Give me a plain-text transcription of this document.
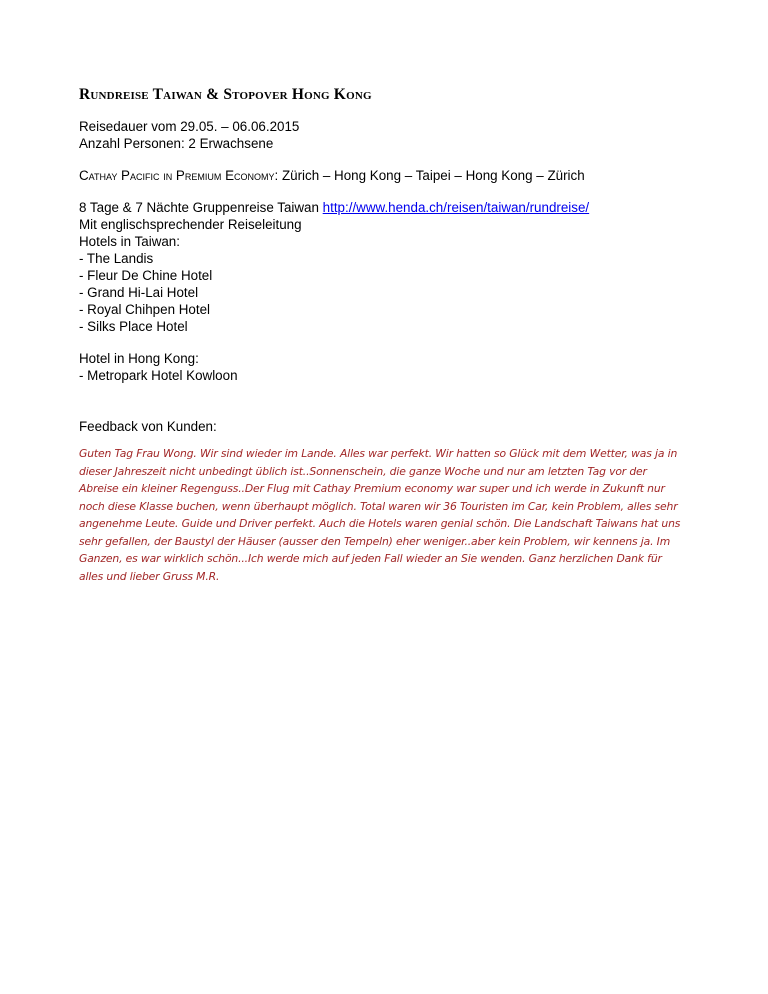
Rundreise Taiwan & Stopover Hong Kong

Reisedauer vom 29.05. – 06.06.2015

Anzahl Personen: 2 Erwachsene

Cathay Pacific in Premium Economy: Zürich – Hong Kong – Taipei – Hong Kong – Zürich

8 Tage & 7 Nächte Gruppenreise Taiwan http://www.henda.ch/reisen/taiwan/rundreise/

Mit englischsprechender Reiseleitung

Hotels in Taiwan:

- The Landis

- Fleur De Chine Hotel

- Grand Hi-Lai Hotel

- Royal Chihpen Hotel

- Silks Place Hotel

Hotel in Hong Kong:

- Metropark Hotel Kowloon

Feedback von Kunden:

Guten Tag Frau Wong. Wir sind wieder im Lande. Alles war perfekt. Wir hatten so Glück mit dem Wetter, was ja in dieser Jahreszeit nicht unbedingt üblich ist..Sonnenschein, die ganze Woche und nur am letzten Tag vor der Abreise ein kleiner Regenguss..Der Flug mit Cathay Premium economy war super und ich werde in Zukunft nur noch diese Klasse buchen, wenn überhaupt möglich. Total waren wir 36 Touristen im Car, kein Problem, alles sehr angenehme Leute. Guide und Driver perfekt. Auch die Hotels waren genial schön. Die Landschaft Taiwans hat uns sehr gefallen, der Baustyl der Häuser (ausser den Tempeln) eher weniger..aber kein Problem, wir kennens ja. Im Ganzen, es war wirklich schön...Ich werde mich auf jeden Fall wieder an Sie wenden. Ganz herzlichen Dank für alles und lieber Gruss M.R.
